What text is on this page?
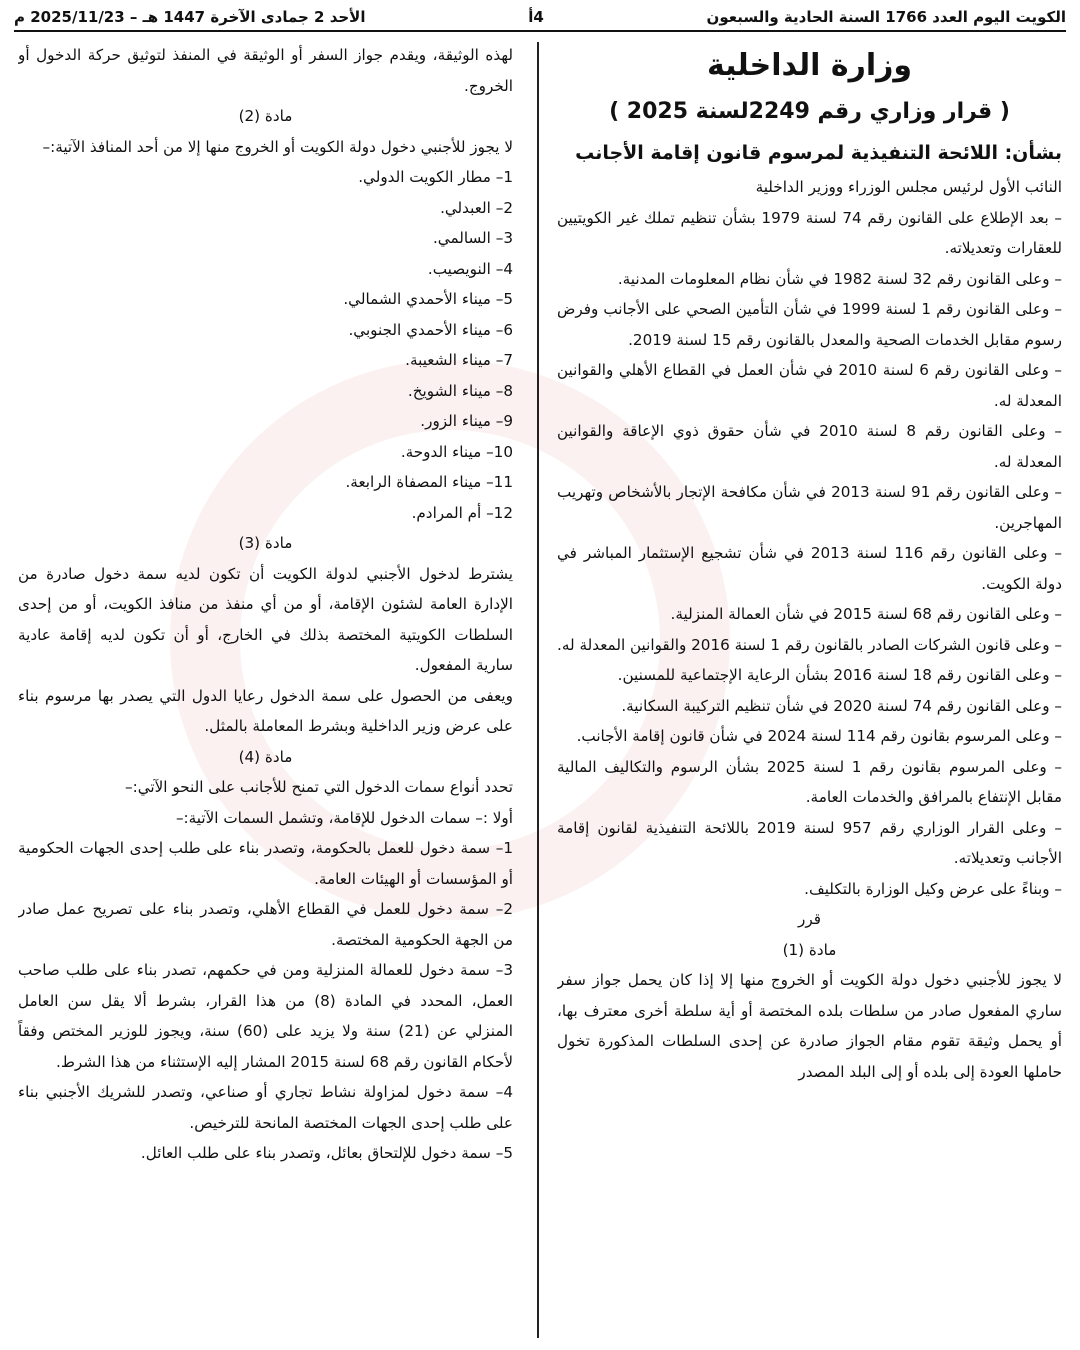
الكويت اليوم العدد 1766 السنة الحادية والسبعون
4أ
الأحد 2 جمادى الآخرة 1447 هـ – 2025/11/23 م
وزارة الداخلية
( قرار وزاري رقم 2249لسنة 2025 )
بشأن: اللائحة التنفيذية لمرسوم قانون إقامة الأجانب

النائب الأول لرئيس مجلس الوزراء ووزير الداخلية

– بعد الإطلاع على القانون رقم 74 لسنة 1979 بشأن تنظيم تملك غير الكويتيين للعقارات وتعديلاته.

– وعلى القانون رقم 32 لسنة 1982 في شأن نظام المعلومات المدنية.

– وعلى القانون رقم 1 لسنة 1999 في شأن التأمين الصحي على الأجانب وفرض رسوم مقابل الخدمات الصحية والمعدل بالقانون رقم 15 لسنة 2019.

– وعلى القانون رقم 6 لسنة 2010 في شأن العمل في القطاع الأهلي والقوانين المعدلة له.

– وعلى القانون رقم 8 لسنة 2010 في شأن حقوق ذوي الإعاقة والقوانين المعدلة له.

– وعلى القانون رقم 91 لسنة 2013 في شأن مكافحة الإتجار بالأشخاص وتهريب المهاجرين.

– وعلى القانون رقم 116 لسنة 2013 في شأن تشجيع الإستثمار المباشر في دولة الكويت.

– وعلى القانون رقم 68 لسنة 2015 في شأن العمالة المنزلية.

– وعلى قانون الشركات الصادر بالقانون رقم 1 لسنة 2016 والقوانين المعدلة له.

– وعلى القانون رقم 18 لسنة 2016 بشأن الرعاية الإجتماعية للمسنين.

– وعلى القانون رقم 74 لسنة 2020 في شأن تنظيم التركيبة السكانية.

– وعلى المرسوم بقانون رقم 114 لسنة 2024 في شأن قانون إقامة الأجانب.

– وعلى المرسوم بقانون رقم 1 لسنة 2025 بشأن الرسوم والتكاليف المالية مقابل الإنتفاع بالمرافق والخدمات العامة.

– وعلى القرار الوزاري رقم 957 لسنة 2019 باللائحة التنفيذية لقانون إقامة الأجانب وتعديلاته.

– وبناءً على عرض وكيل الوزارة بالتكليف.

قرر

مادة (1)

لا يجوز للأجنبي دخول دولة الكويت أو الخروج منها إلا إذا كان يحمل جواز سفر ساري المفعول صادر من سلطات بلده المختصة أو أية سلطة أخرى معترف بها، أو يحمل وثيقة تقوم مقام الجواز صادرة عن إحدى السلطات المذكورة تخول حاملها العودة إلى بلده أو إلى البلد المصدر

لهذه الوثيقة، ويقدم جواز السفر أو الوثيقة في المنفذ لتوثيق حركة الدخول أو الخروج.

مادة (2)

لا يجوز للأجنبي دخول دولة الكويت أو الخروج منها إلا من أحد المنافذ الآتية:–

1– مطار الكويت الدولي.

2– العبدلي.

3– السالمي.

4– النويصيب.

5– ميناء الأحمدي الشمالي.

6– ميناء الأحمدي الجنوبي.

7– ميناء الشعيبة.

8– ميناء الشويخ.

9– ميناء الزور.

10– ميناء الدوحة.

11– ميناء المصفاة الرابعة.

12– أم المرادم.

مادة (3)

يشترط لدخول الأجنبي لدولة الكويت أن تكون لديه سمة دخول صادرة من الإدارة العامة لشئون الإقامة، أو من أي منفذ من منافذ الكويت، أو من إحدى السلطات الكويتية المختصة بذلك في الخارج، أو أن تكون لديه إقامة عادية سارية المفعول.

ويعفى من الحصول على سمة الدخول رعايا الدول التي يصدر بها مرسوم بناء على عرض وزير الداخلية وبشرط المعاملة بالمثل.

مادة (4)

تحدد أنواع سمات الدخول التي تمنح للأجانب على النحو الآتي:–

أولا :– سمات الدخول للإقامة، وتشمل السمات الآتية:–

1– سمة دخول للعمل بالحكومة، وتصدر بناء على طلب إحدى الجهات الحكومية أو المؤسسات أو الهيئات العامة.

2– سمة دخول للعمل في القطاع الأهلي، وتصدر بناء على تصريح عمل صادر من الجهة الحكومية المختصة.

3– سمة دخول للعمالة المنزلية ومن في حكمهم، تصدر بناء على طلب صاحب العمل، المحدد في المادة (8) من هذا القرار، بشرط ألا يقل سن العامل المنزلي عن (21) سنة ولا يزيد على (60) سنة، ويجوز للوزير المختص وفقاً لأحكام القانون رقم 68 لسنة 2015 المشار إليه الإستثناء من هذا الشرط.

4– سمة دخول لمزاولة نشاط تجاري أو صناعي، وتصدر للشريك الأجنبي بناء على طلب إحدى الجهات المختصة المانحة للترخيص.

5– سمة دخول للإلتحاق بعائل، وتصدر بناء على طلب العائل.
